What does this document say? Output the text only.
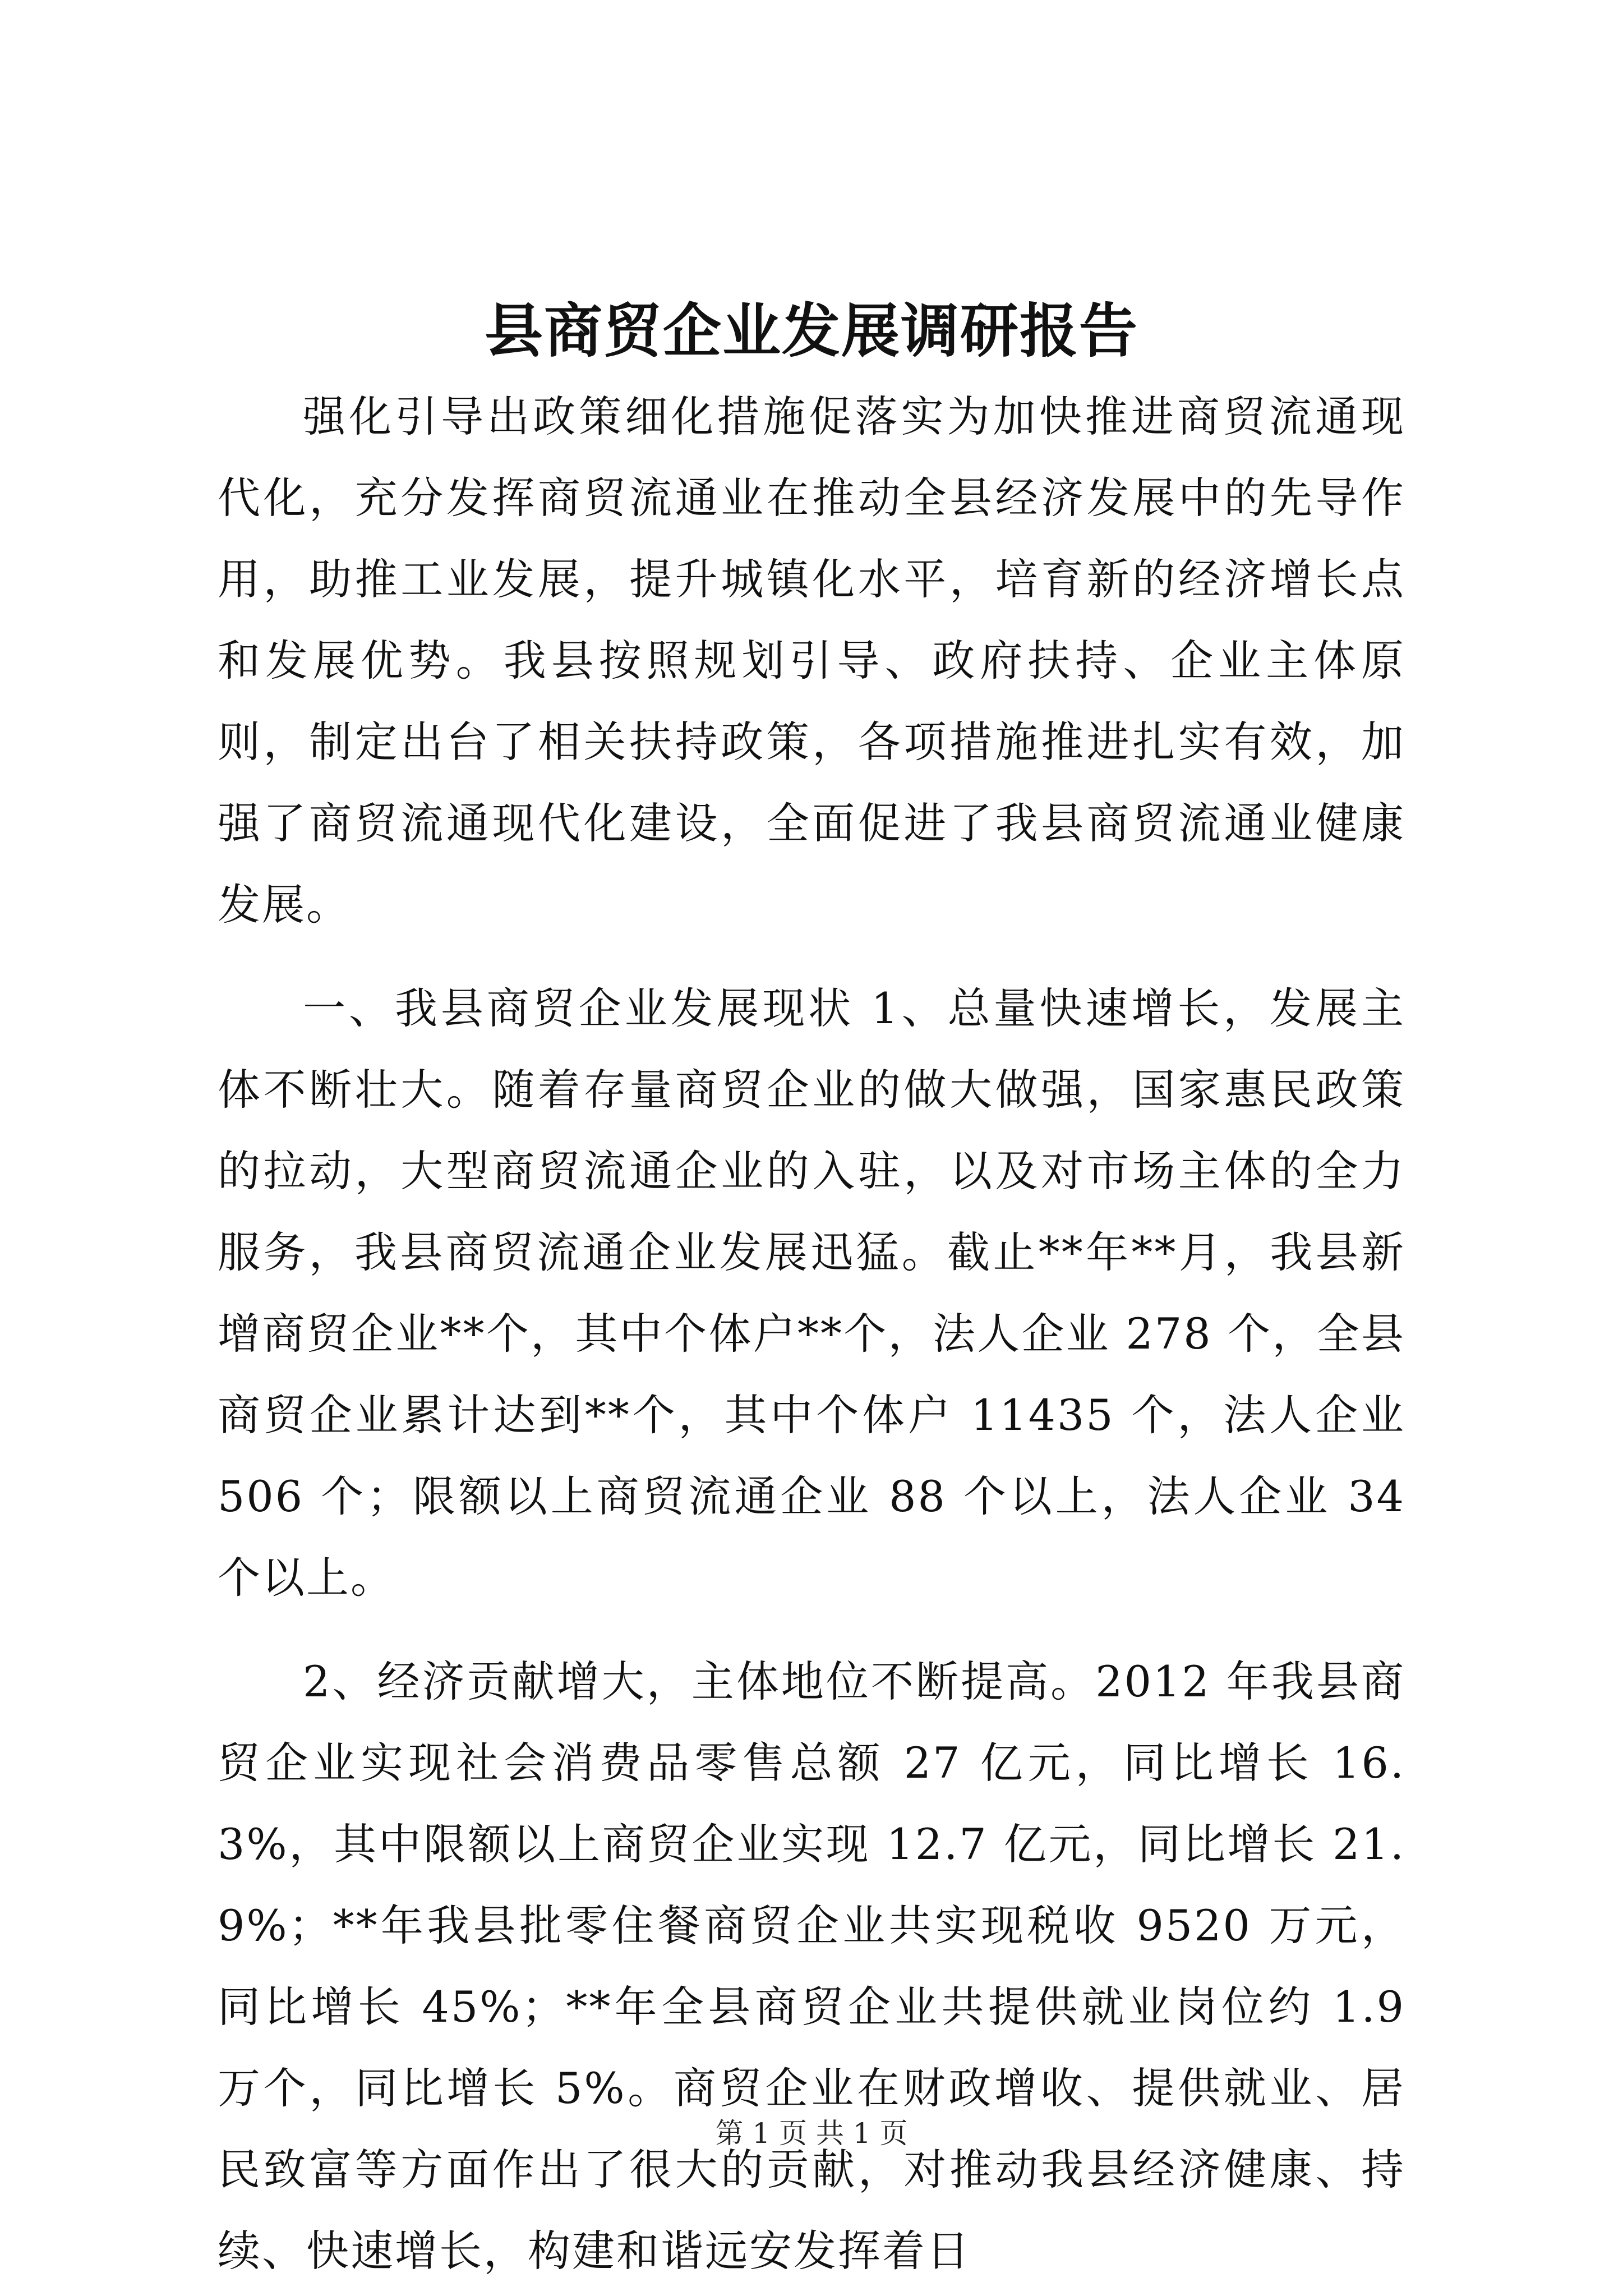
县商贸企业发展调研报告

强化引导出政策细化措施促落实为加快推进商贸流通现代化，充分发挥商贸流通业在推动全县经济发展中的先导作用，助推工业发展，提升城镇化水平，培育新的经济增长点和发展优势。我县按照规划引导、政府扶持、企业主体原则，制定出台了相关扶持政策，各项措施推进扎实有效，加强了商贸流通现代化建设，全面促进了我县商贸流通业健康发展。

一、我县商贸企业发展现状 1、总量快速增长，发展主体不断壮大。随着存量商贸企业的做大做强，国家惠民政策的拉动，大型商贸流通企业的入驻，以及对市场主体的全力服务，我县商贸流通企业发展迅猛。截止**年**月，我县新增商贸企业**个，其中个体户**个，法人企业 278 个，全县商贸企业累计达到**个，其中个体户 11435 个，法人企业 506 个；限额以上商贸流通企业 88 个以上，法人企业 34 个以上。

2、经济贡献增大，主体地位不断提高。2012 年我县商贸企业实现社会消费品零售总额 27 亿元，同比增长 16.3%，其中限额以上商贸企业实现 12.7 亿元，同比增长 21.9%；**年我县批零住餐商贸企业共实现税收 9520 万元，同比增长 45%；**年全县商贸企业共提供就业岗位约 1.9 万个，同比增长 5%。商贸企业在财政增收、提供就业、居民致富等方面作出了很大的贡献，对推动我县经济健康、持续、快速增长，构建和谐远安发挥着日

第 1 页 共 1 页
